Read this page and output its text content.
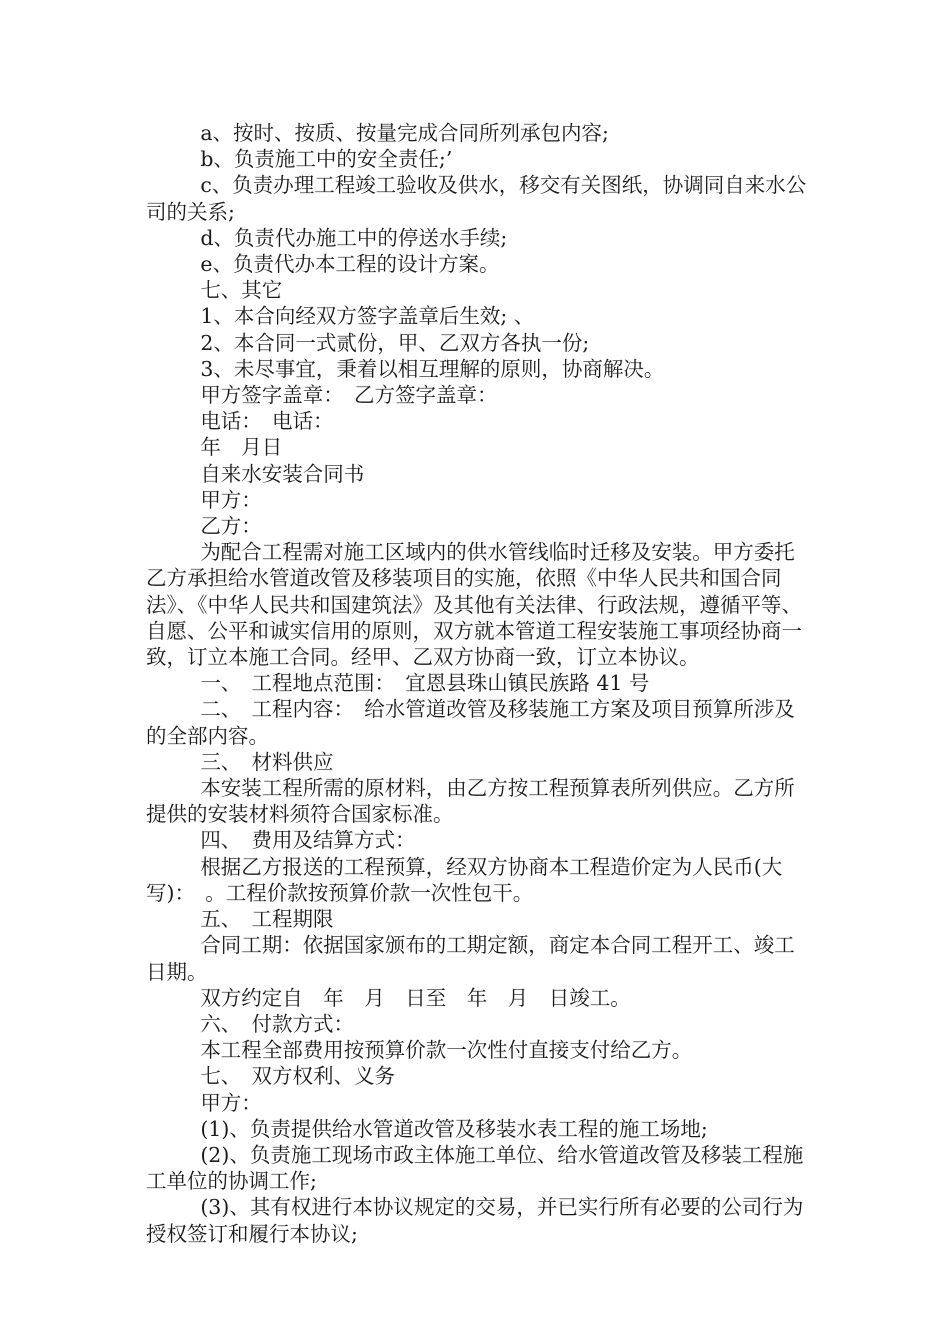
a、按时、按质、按量完成合同所列承包内容;

b、负责施工中的安全责任;’

c、负责办理工程竣工验收及供水，移交有关图纸，协调同自来水公司的关系;

d、负责代办施工中的停送水手续;

e、负责代办本工程的设计方案。

七、其它

1、本合向经双方签字盖章后生效; 、

2、本合同一式贰份，甲、乙双方各执一份;

3、未尽事宜，秉着以相互理解的原则，协商解决。

甲方签字盖章：　乙方签字盖章：

电话：　电话：

年　月日

自来水安装合同书

甲方：

乙方：

为配合工程需对施工区域内的供水管线临时迁移及安装。甲方委托乙方承担给水管道改管及移装项目的实施，依照《中华人民共和国合同法》、《中华人民共和国建筑法》及其他有关法律、行政法规，遵循平等、自愿、公平和诚实信用的原则，双方就本管道工程安装施工事项经协商一致，订立本施工合同。经甲、乙双方协商一致，订立本协议。

一、　工程地点范围：　宜恩县珠山镇民族路 41 号

二、　工程内容：　给水管道改管及移装施工方案及项目预算所涉及的全部内容。

三、　材料供应

本安装工程所需的原材料，由乙方按工程预算表所列供应。乙方所提供的安装材料须符合国家标准。

四、　费用及结算方式：

根据乙方报送的工程预算，经双方协商本工程造价定为人民币(大写)：　。工程价款按预算价款一次性包干。

五、　工程期限

合同工期：依据国家颁布的工期定额，商定本合同工程开工、竣工日期。

双方约定自　年　月　日至　年　月　日竣工。

六、　付款方式：

本工程全部费用按预算价款一次性付直接支付给乙方。

七、　双方权利、义务

甲方：

(1)、负责提供给水管道改管及移装水表工程的施工场地;

(2)、负责施工现场市政主体施工单位、给水管道改管及移装工程施工单位的协调工作;

(3)、其有权进行本协议规定的交易，并已实行所有必要的公司行为授权签订和履行本协议;
